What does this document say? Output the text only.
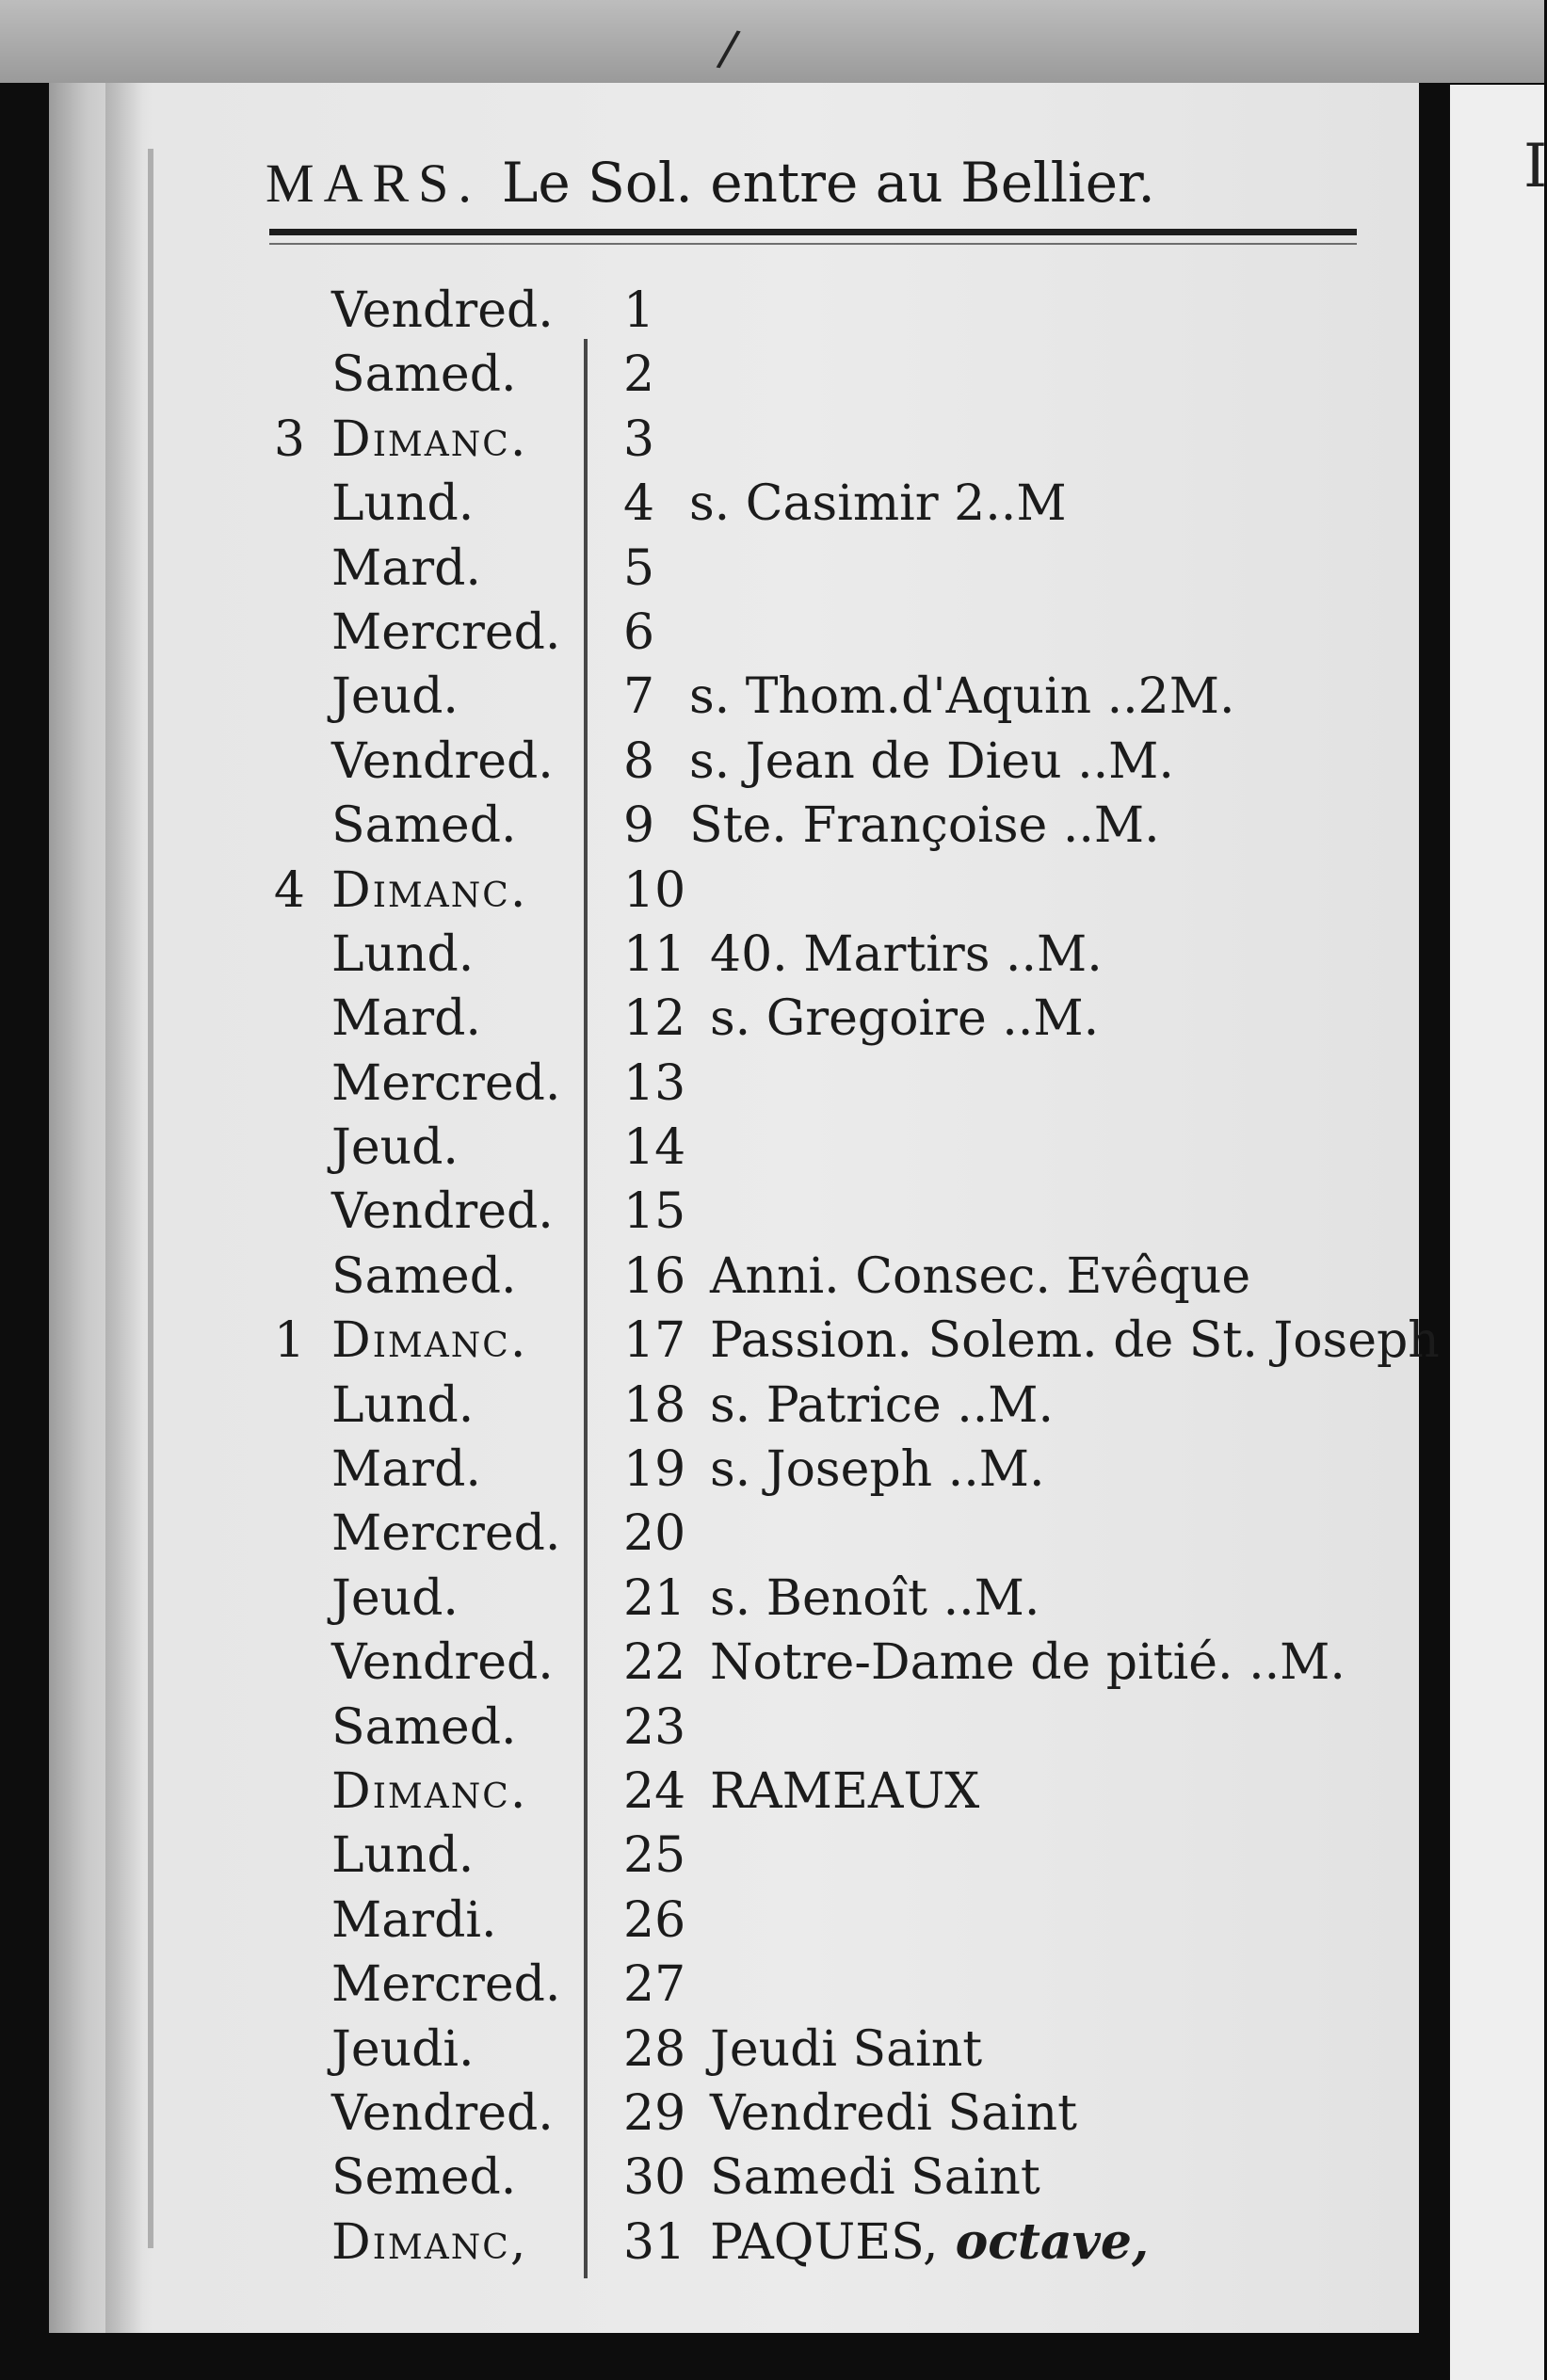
/
I
MARS. Le Sol. entre au Bellier.
Vendred. 1
Samed. 2
3 Dimanc. 3
Lund.	4 s. Casimir 2..M
Mard.	5
Mercred. 6
Jeud.	7 s. Thom.d'Aquin ..2M.
Vendred. 8 s. Jean de Dieu ..M.
Samed. 9 Ste. Françoise ..M.
4 Dimanc. 10
Lund.	11 40. Martirs ..M.
Mard.	12 s. Gregoire ..M.
Mercred. 13
Jeud.	14
Vendred. 15
Samed. 16 Anni. Consec. Evêque
1 Dimanc. 17 Passion. Solem. de St. Joseph
Lund.	18 s. Patrice ..M.
Mard.	19 s. Joseph ..M.
Mercred. 20
Jeud.	21 s. Benoît ..M.
Vendred. 22 Notre-Dame de pitié. ..M.
Samed. 23
Dimanc. 24 RAMEAUX
Lund.	25
Mardi.	26
Mercred. 27
Jeudi.	28 Jeudi Saint
Vendred. 29 Vendredi Saint
Semed. 30 Samedi Saint
Dimanc, 31 PAQUES, octave,
